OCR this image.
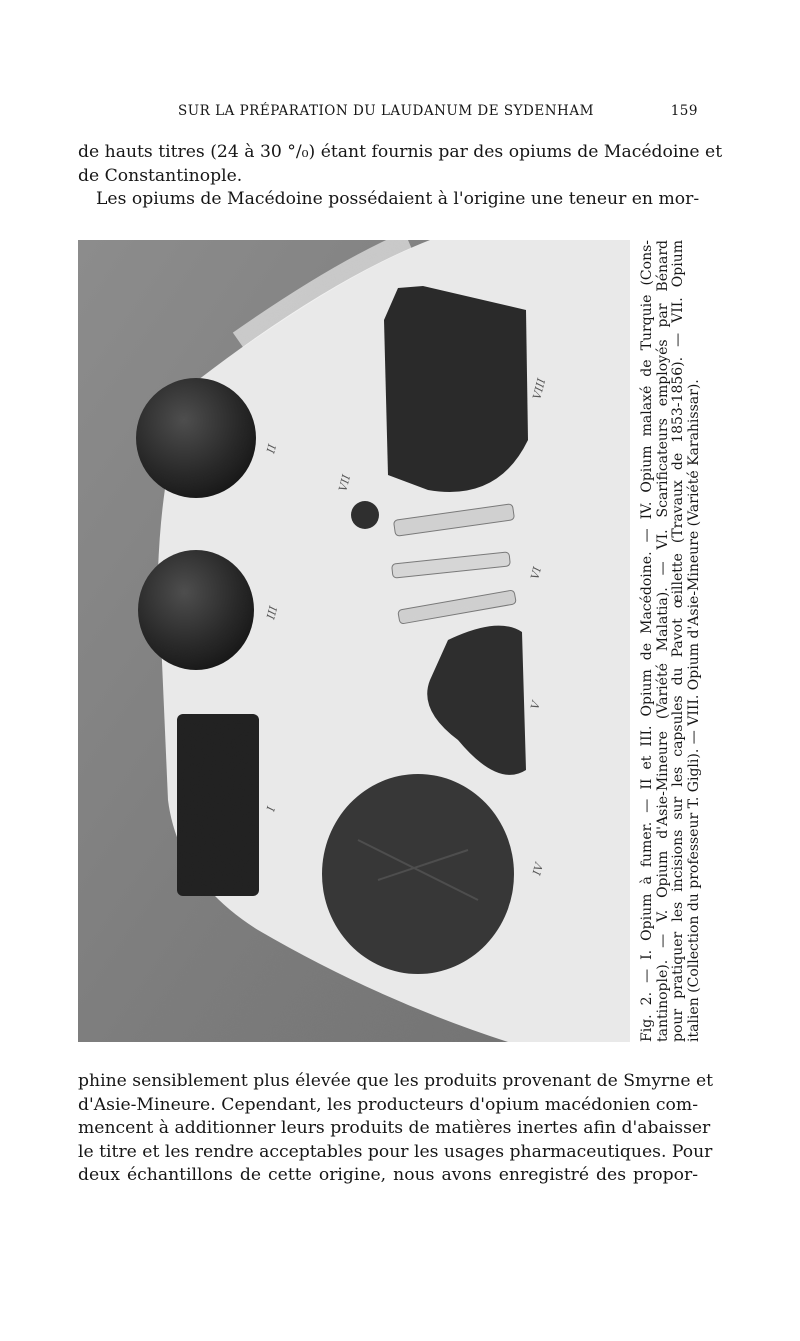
SUR LA PRÉPARATION DU LAUDANUM DE SYDENHAM	159
de hauts titres (24 à 30 °/₀) étant fournis par des opiums de Macédoine et
de Constantinople.
Les opiums de Macédoine possédaient à l'origine une teneur en mor-
II
III
I
VIII
VII
VI
V
IV	Fig. 2. — I. Opium à fumer. — II et III. Opium de Macédoine. — IV. Opium malaxé de Turquie (Cons- tantinople). — V. Opium d'Asie-Mineure (Variété Malatia). — VI. Scarificateurs employés par Bénard pour pratiquer les incisions sur les capsules du Pavot œillette (Travaux de 1853-1856). — VII. Opium italien (Collection du professeur T. Gigli). — VIII. Opium d'Asie-Mineure (Variété Karahissar).
phine sensiblement plus élevée que les produits provenant de Smyrne et
d'Asie-Mineure. Cependant, les producteurs d'opium macédonien com-
mencent à additionner leurs produits de matières inertes afin d'abaisser
le titre et les rendre acceptables pour les usages pharmaceutiques. Pour
deux échantillons de cette origine, nous avons enregistré des propor-
